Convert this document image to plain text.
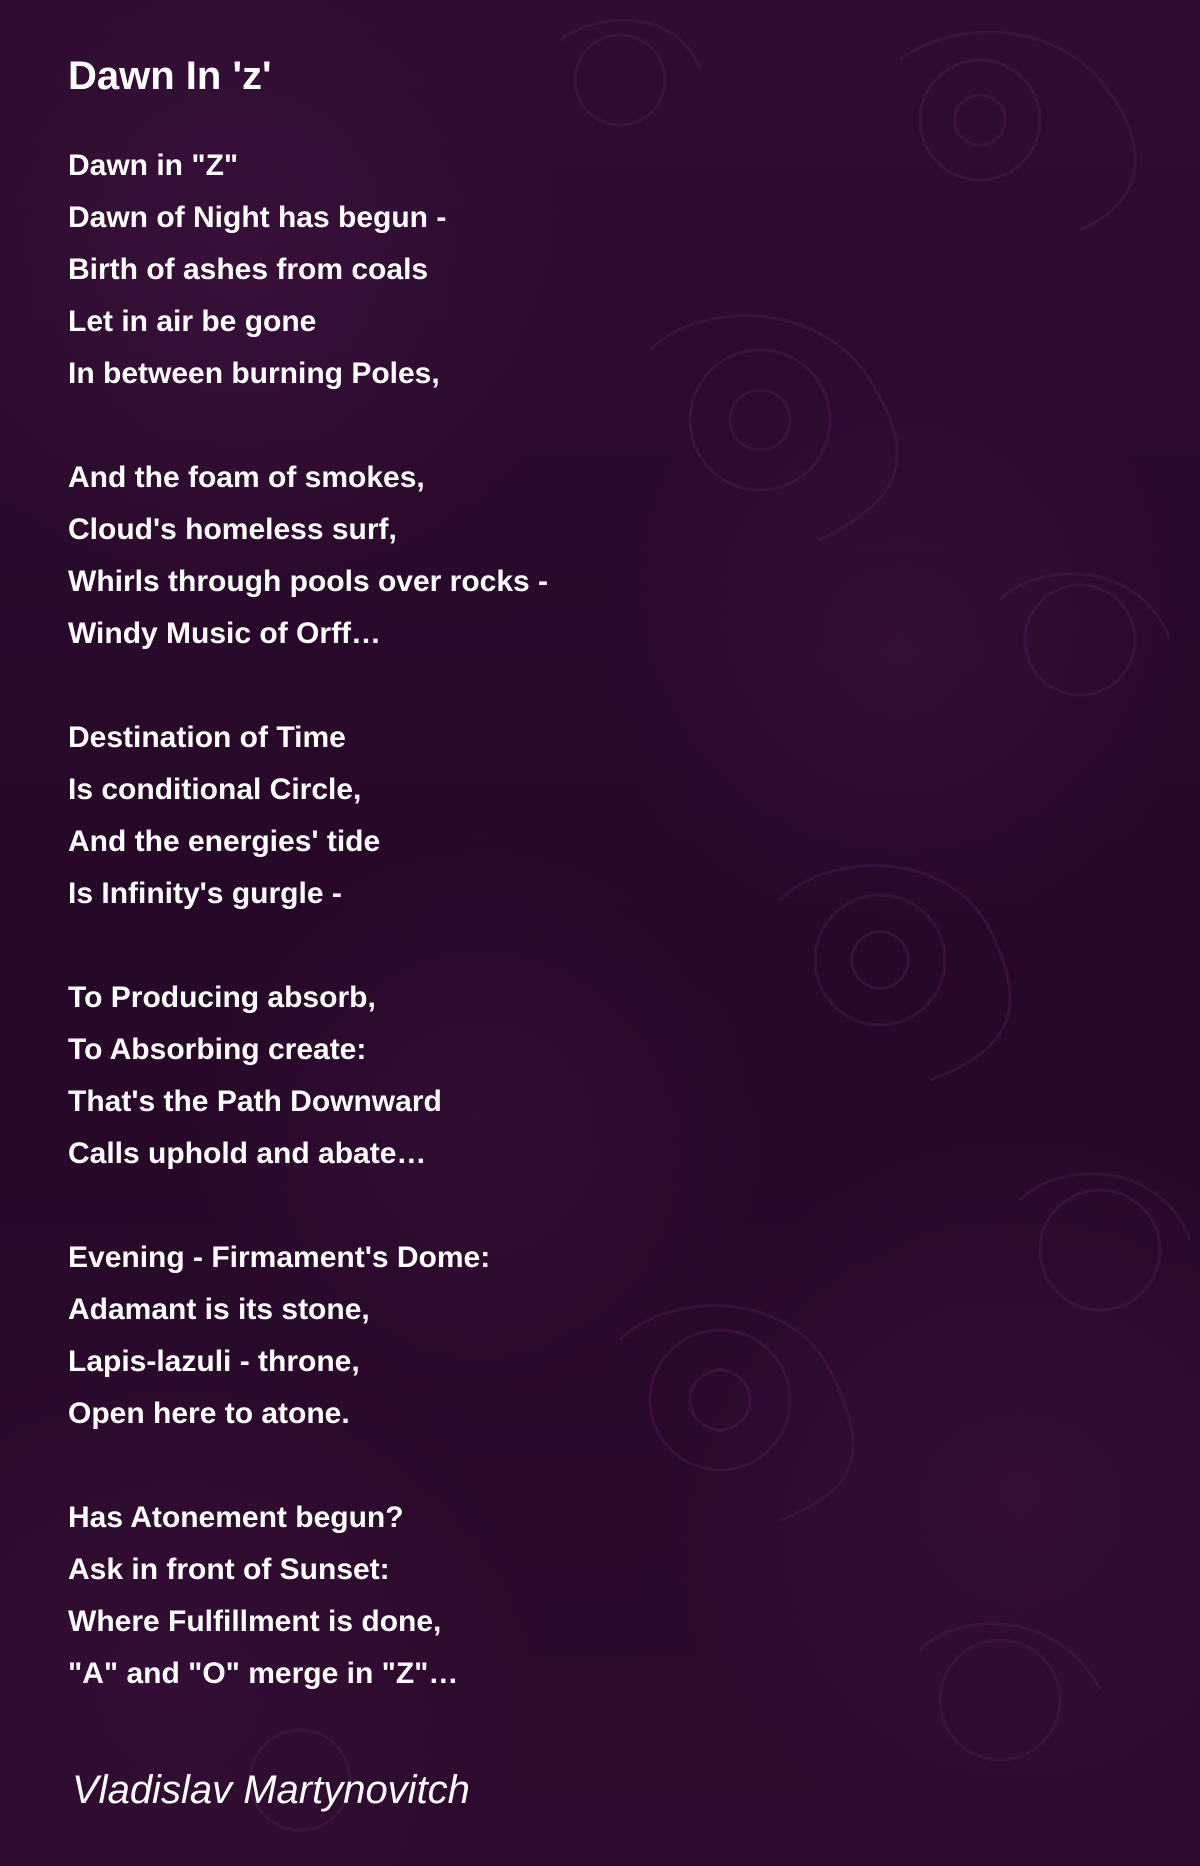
Dawn In 'z'
Dawn in "Z"
Dawn of Night has begun -
Birth of ashes from coals
Let in air be gone
In between burning Poles,
And the foam of smokes,
Cloud's homeless surf,
Whirls through pools over rocks -
Windy Music of Orff…
Destination of Time
Is conditional Circle,
And the energies' tide
Is Infinity's gurgle -
To Producing absorb,
To Absorbing create:
That's the Path Downward
Calls uphold and abate…
Evening - Firmament's Dome:
Adamant is its stone,
Lapis-lazuli - throne,
Open here to atone.
Has Atonement begun?
Ask in front of Sunset:
Where Fulfillment is done,
"A" and "O" merge in "Z"…
Vladislav Martynovitch
